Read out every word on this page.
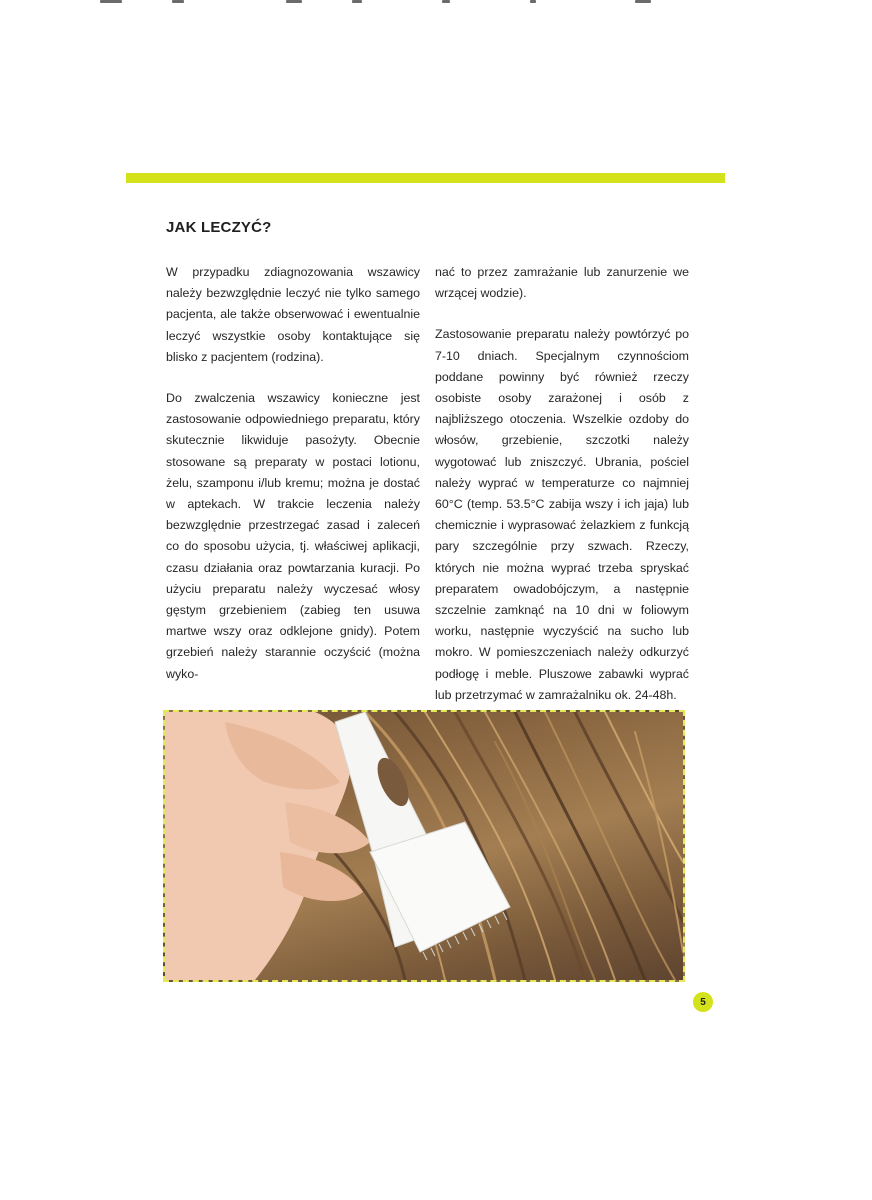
JAK LECZYĆ?

W przypadku zdiagnozowania wszawicy należy bezwzględnie leczyć nie tylko samego pacjenta, ale także obserwować i ewentualnie leczyć wszystkie osoby kontaktujące się blisko z pacjentem (rodzina).

Do zwalczenia wszawicy konieczne jest zastosowanie odpowiedniego preparatu, który skutecznie likwiduje pasożyty. Obecnie stosowane są preparaty w postaci lotionu, żelu, szamponu i/lub kremu; można je dostać w aptekach. W trakcie leczenia należy bezwzględnie przestrzegać zasad i zaleceń co do sposobu użycia, tj. właściwej aplikacji, czasu działania oraz powtarzania kuracji. Po użyciu preparatu należy wyczesać włosy gęstym grzebieniem (zabieg ten usuwa martwe wszy oraz odklejone gnidy). Potem grzebień należy starannie oczyścić (można wyko-

nać to przez zamrażanie lub zanurzenie we wrzącej wodzie).

Zastosowanie preparatu należy powtórzyć po 7-10 dniach. Specjalnym czynnościom poddane powinny być również rzeczy osobiste osoby zarażonej i osób z najbliższego otoczenia. Wszelkie ozdoby do włosów, grzebienie, szczotki należy wygotować lub zniszczyć. Ubrania, pościel należy wyprać w temperaturze co najmniej 60°C (temp. 53.5°C zabija wszy i ich jaja) lub chemicznie i wyprasować żelazkiem z funkcją pary szczególnie przy szwach. Rzeczy, których nie można wyprać trzeba spryskać preparatem owadobójczym, a następnie szczelnie zamknąć na 10 dni w foliowym worku, następnie wyczyścić na sucho lub mokro. W pomieszczeniach należy odkurzyć podłogę i meble. Pluszowe zabawki wyprać lub przetrzymać w zamrażalniku ok. 24-48h.

5
